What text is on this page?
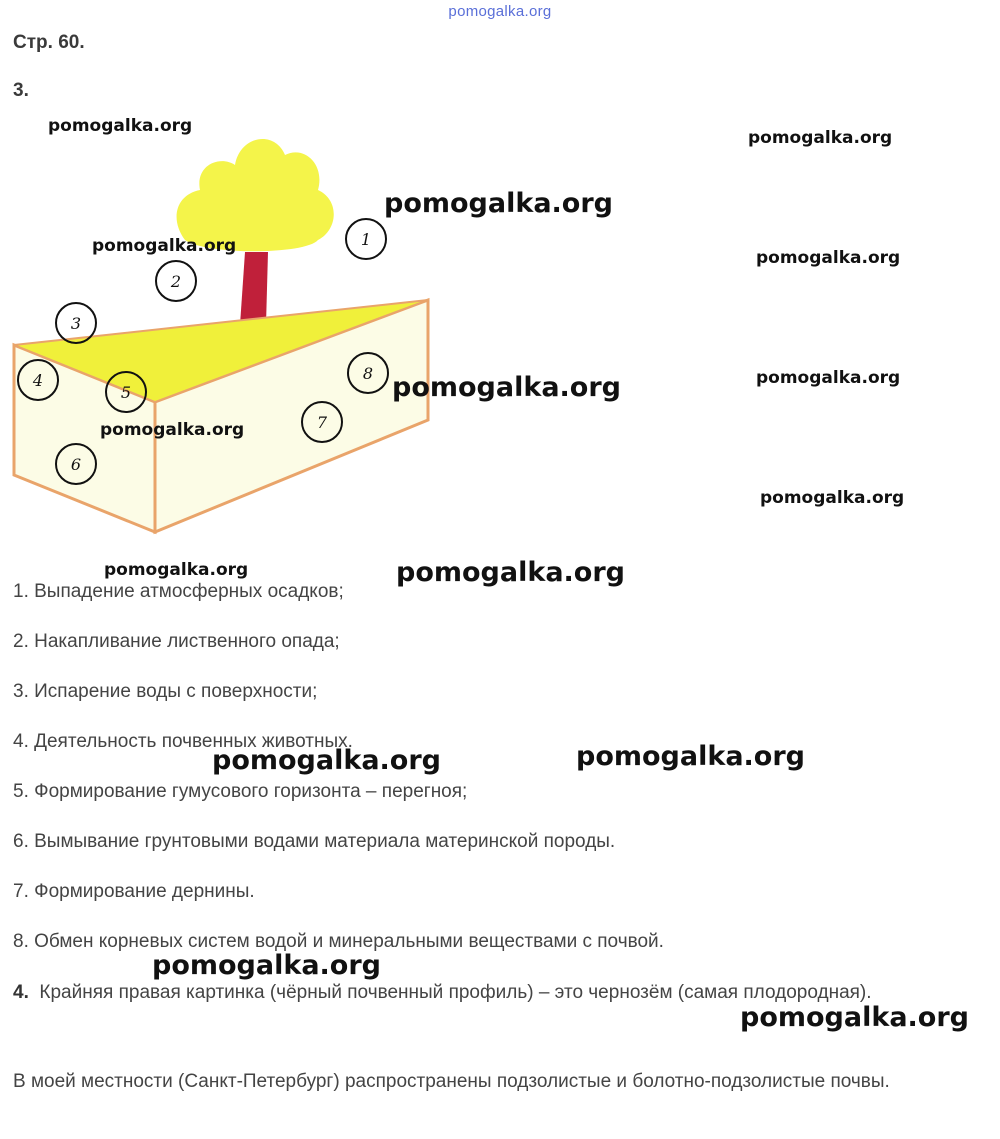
pomogalka.org
Стр. 60.
3.
1
2
3
4
5
6
7
8
1. Выпадение атмосферных осадков;
2. Накапливание лиственного опада;
3. Испарение воды с поверхности;
4. Деятельность почвенных животных.
5. Формирование гумусового горизонта – перегноя;
6. Вымывание грунтовыми водами материала материнской породы.
7. Формирование дернины.
8. Обмен корневых систем водой и минеральными веществами с почвой.
4. Крайняя правая картинка (чёрный почвенный профиль) – это чернозём (самая плодородная).
В моей местности (Санкт-Петербург) распространены подзолистые и болотно-подзолистые почвы.
pomogalka.org
pomogalka.org
pomogalka.org
pomogalka.org
pomogalka.org
pomogalka.org
pomogalka.org
pomogalka.org
pomogalka.org
pomogalka.org	pomogalka.org
pomogalka.org	pomogalka.org
pomogalka.org
pomogalka.org
